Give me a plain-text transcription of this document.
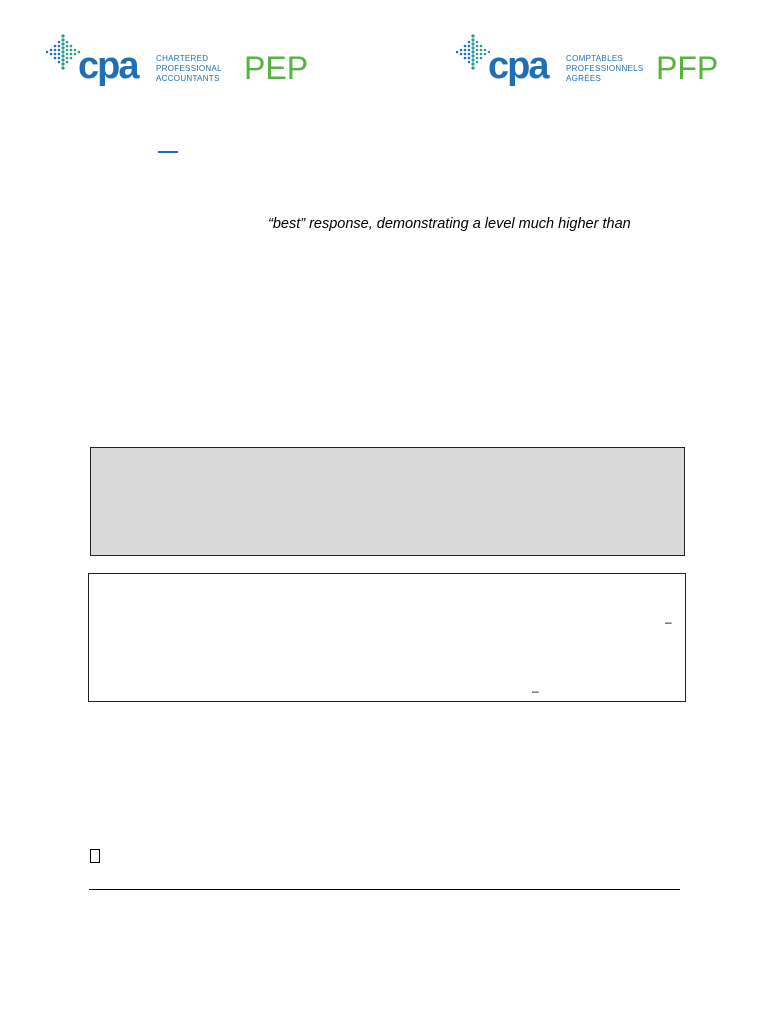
cpa CHARTERED
PROFESSIONAL
ACCOUNTANTS PEP	cpa COMPTABLES
PROFESSIONNELS
AGRÉES	PFP
“best” response, demonstrating a level much higher than
–
–
